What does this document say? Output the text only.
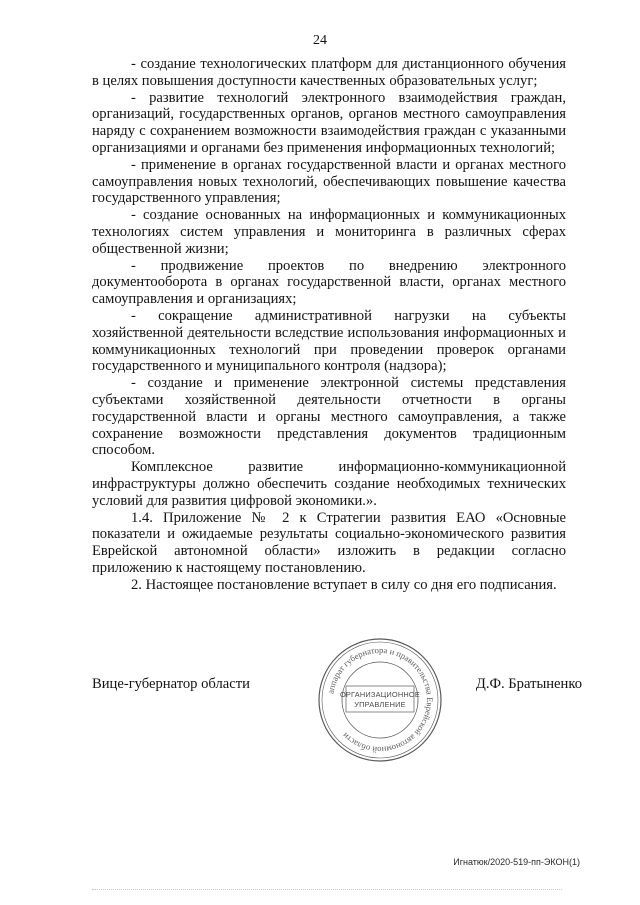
24

- создание технологических платформ для дистанционного обучения в целях повышения доступности качественных образовательных услуг;

- развитие технологий электронного взаимодействия граждан, организаций, государственных органов, органов местного самоуправления наряду с сохранением возможности взаимодействия граждан с указанными организациями и органами без применения информационных технологий;

- применение в органах государственной власти и органах местного самоуправления новых технологий, обеспечивающих повышение качества государственного управления;

- создание основанных на информационных и коммуникационных технологиях систем управления и мониторинга в различных сферах общественной жизни;

- продвижение проектов по внедрению электронного документооборота в органах государственной власти, органах местного самоуправления и организациях;

- сокращение административной нагрузки на субъекты хозяйственной деятельности вследствие использования информационных и коммуникационных технологий при проведении проверок органами государственного и муниципального контроля (надзора);

- создание и применение электронной системы представления субъектами хозяйственной деятельности отчетности в органы государственной власти и органы местного самоуправления, а также сохранение возможности представления документов традиционным способом.

Комплексное развитие информационно-коммуникационной инфраструктуры должно обеспечить создание необходимых технических условий для развития цифровой экономики.».

1.4. Приложение № 2 к Стратегии развития ЕАО «Основные показатели и ожидаемые результаты социально-экономического развития Еврейской автономной области» изложить в редакции согласно приложению к настоящему постановлению.

2. Настоящее постановление вступает в силу со дня его подписания.

Вице-губернатор области	Д.Ф. Братыненко
аппарат губернатора и правительства Еврейской автономной области
ОРГАНИЗАЦИОННОЕ
УПРАВЛЕНИЕ
Игнатюк/2020-519-пп-ЭКОН(1)
